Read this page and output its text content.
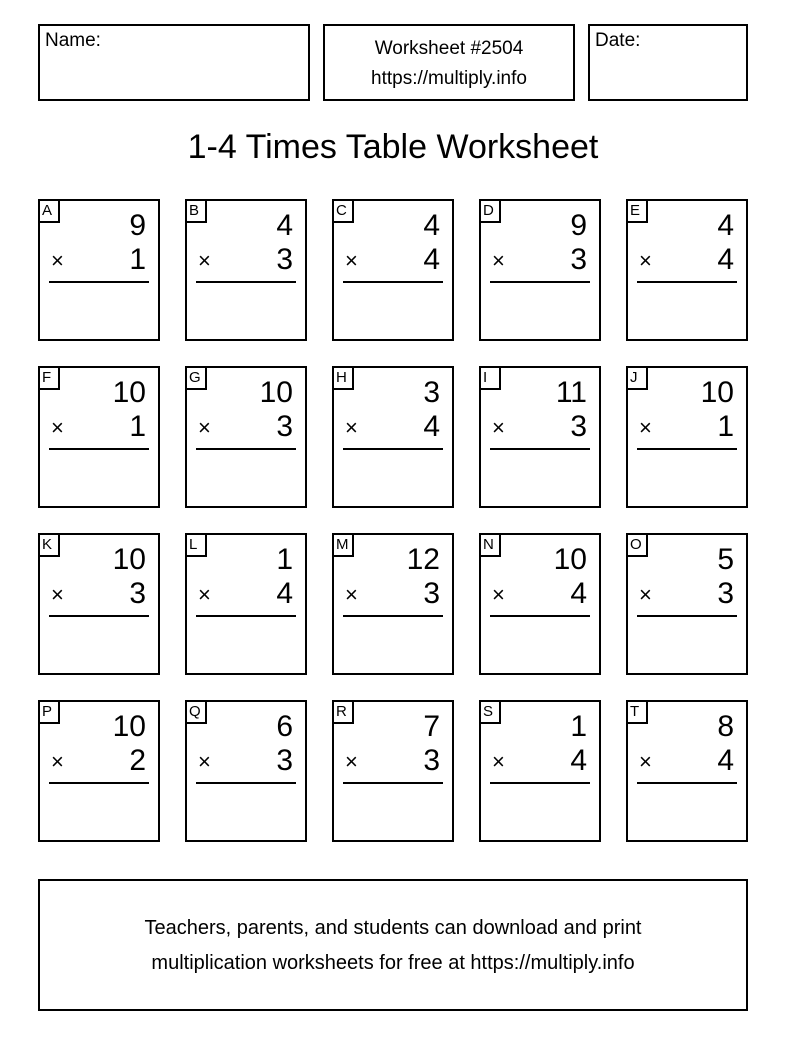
Name:	Worksheet #2504
https://multiply.info
Date:
1-4 Times Table Worksheet
A	9
× 1
B	4
× 3
C	4
× 4
D	9
× 3
E	4
× 4
F 10
× 1
G 10
× 3
H	3
× 4
I	11
× 3
J	10
× 1
K 10
× 3
L	1
× 4
M 12
× 3
N 10
× 4
O	5
× 3
P 10
× 2
Q	6
× 3
R	7
× 3
S	1
× 4
T	8
× 4
Teachers, parents, and students can download and print
multiplication worksheets for free at https://multiply.info
